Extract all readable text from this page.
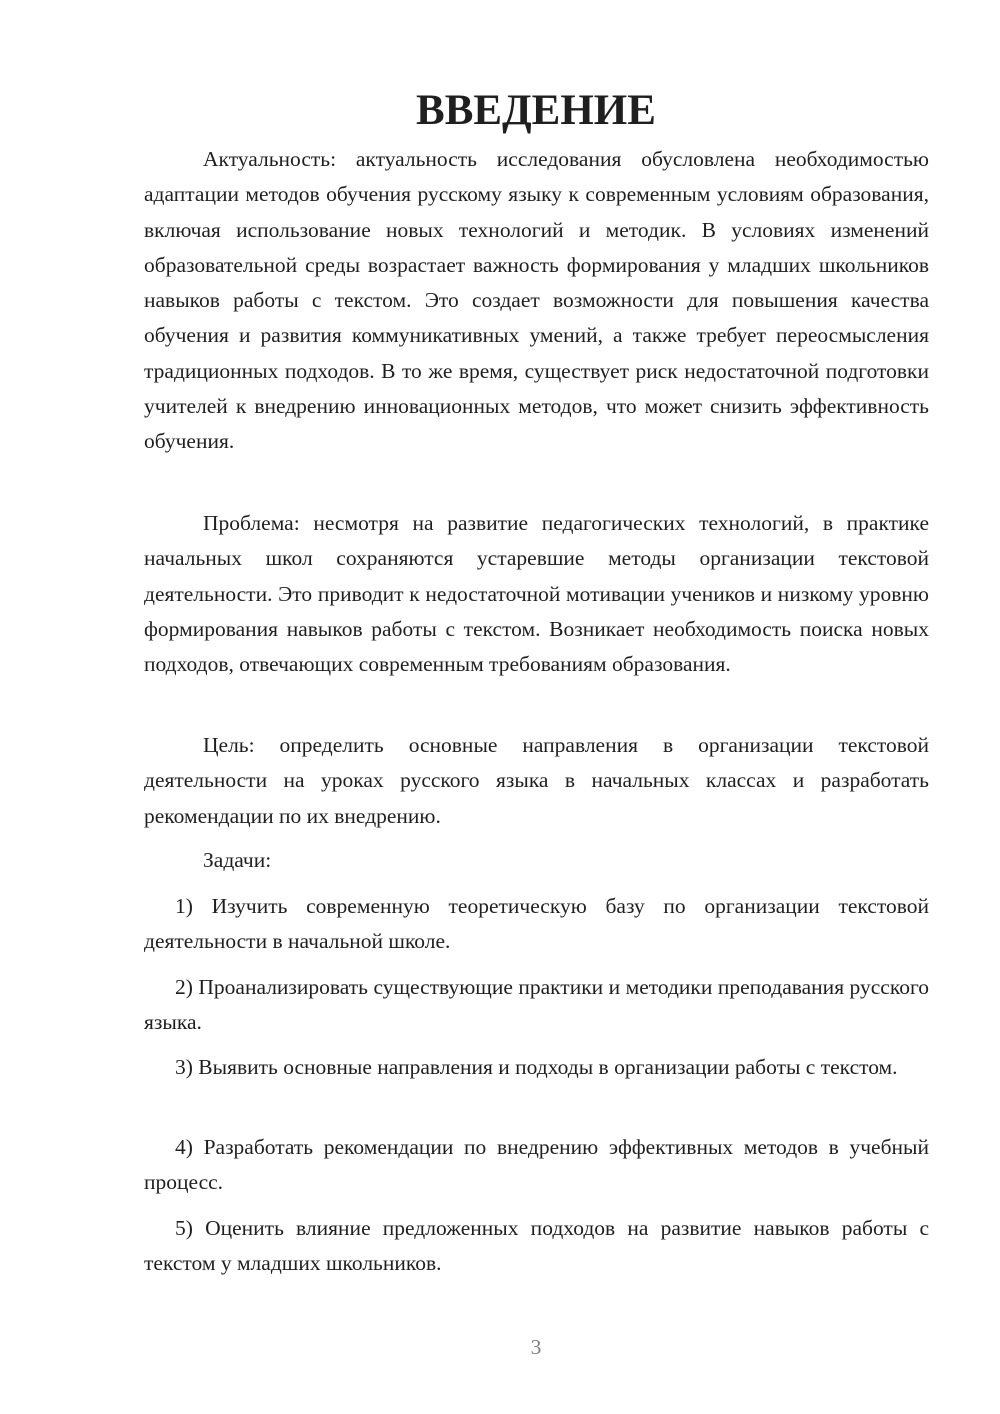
ВВЕДЕНИЕ

Актуальность: актуальность исследования обусловлена необходимостью адаптации методов обучения русскому языку к современным условиям образования, включая использование новых технологий и методик. В условиях изменений образовательной среды возрастает важность формирования у младших школьников навыков работы с текстом. Это создает возможности для повышения качества обучения и развития коммуникативных умений, а также требует переосмысления традиционных подходов. В то же время, существует риск недостаточной подготовки учителей к внедрению инновационных методов, что может снизить эффективность обучения.

Проблема: несмотря на развитие педагогических технологий, в практике начальных школ сохраняются устаревшие методы организации текстовой деятельности. Это приводит к недостаточной мотивации учеников и низкому уровню формирования навыков работы с текстом. Возникает необходимость поиска новых подходов, отвечающих современным требованиям образования.

Цель: определить основные направления в организации текстовой деятельности на уроках русского языка в начальных классах и разработать рекомендации по их внедрению.

Задачи:

1) Изучить современную теоретическую базу по организации текстовой деятельности в начальной школе.

2) Проанализировать существующие практики и методики преподавания русского языка.

3) Выявить основные направления и подходы в организации работы с текстом.

4) Разработать рекомендации по внедрению эффективных методов в учебный процесс.

5) Оценить влияние предложенных подходов на развитие навыков работы с текстом у младших школьников.

3
